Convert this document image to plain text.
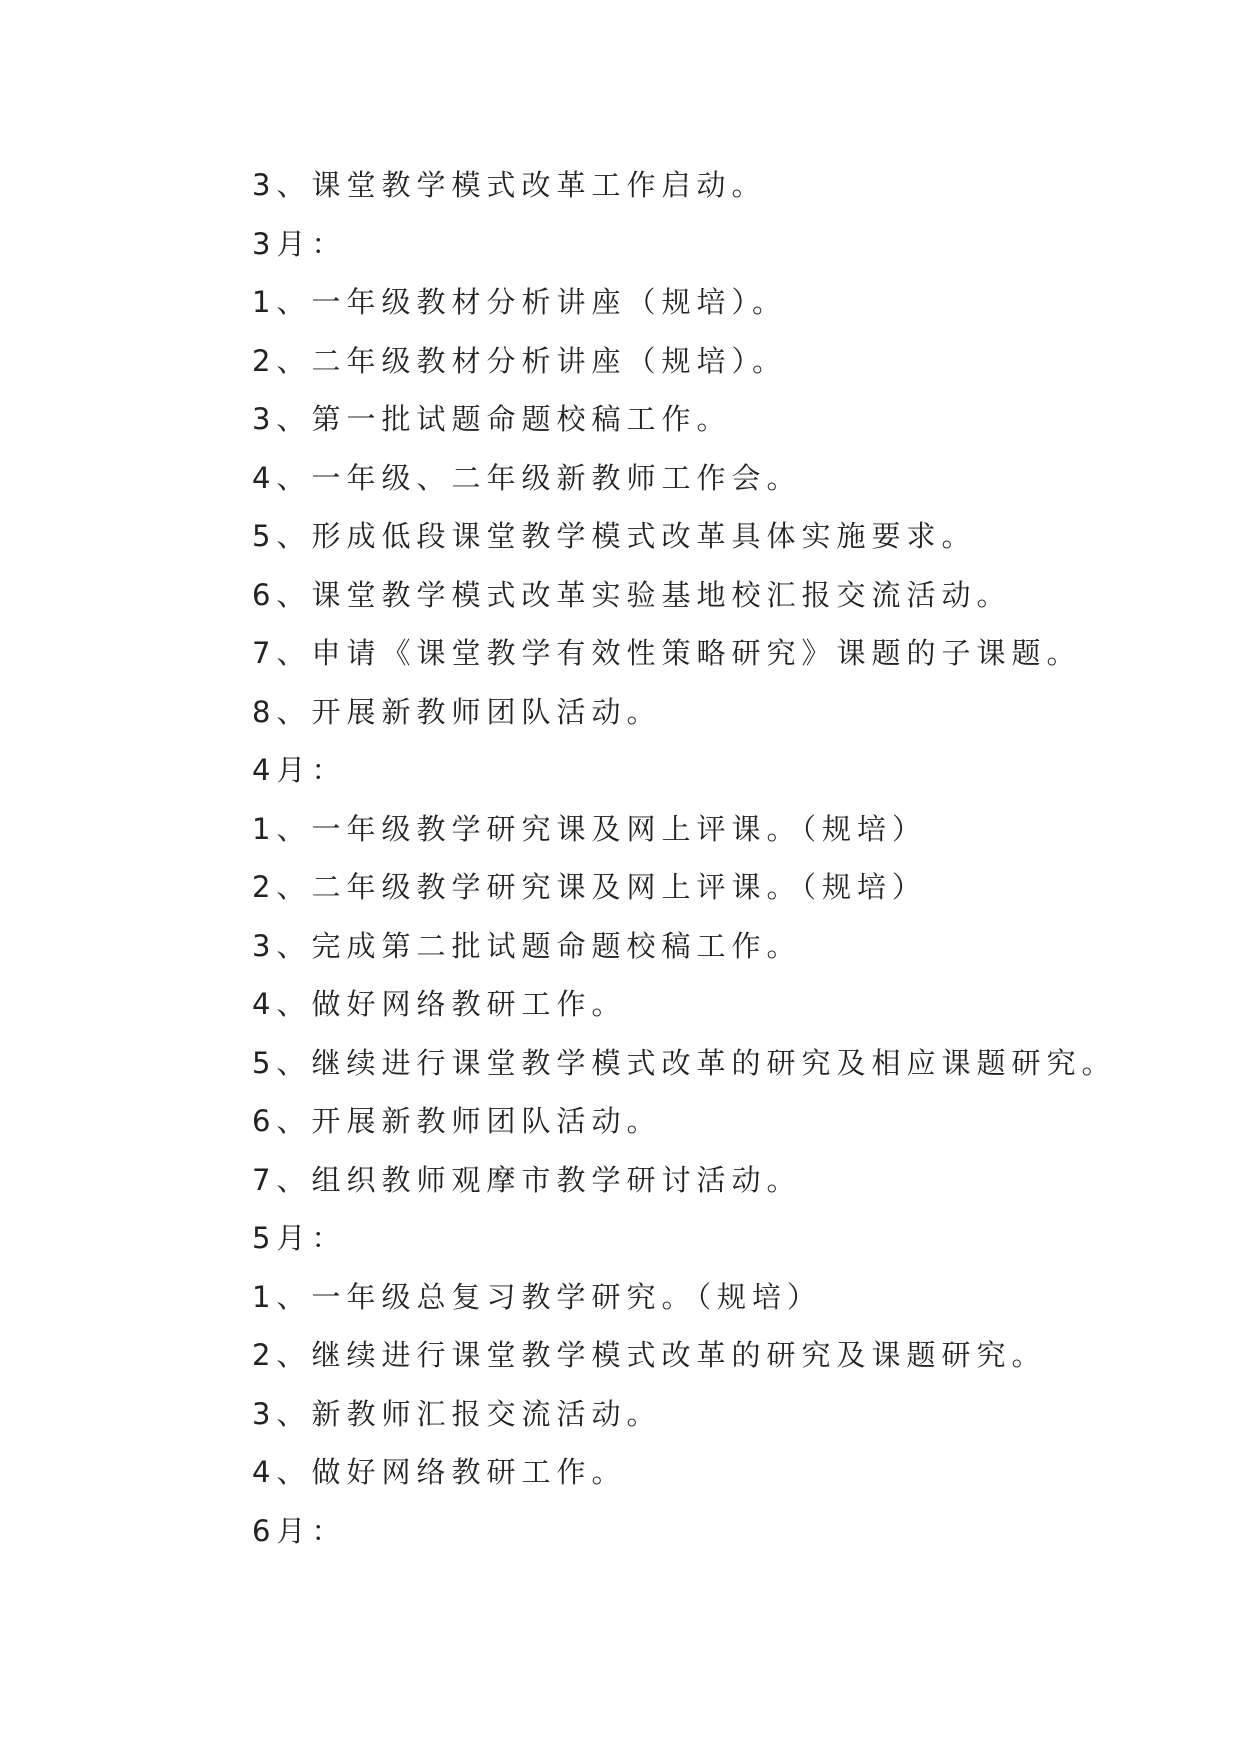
3、课堂教学模式改革工作启动。
3月：
1、一年级教材分析讲座（规培）。
2、二年级教材分析讲座（规培）。
3、第一批试题命题校稿工作。
4、一年级、二年级新教师工作会。
5、形成低段课堂教学模式改革具体实施要求。
6、课堂教学模式改革实验基地校汇报交流活动。
7、申请《课堂教学有效性策略研究》课题的子课题。
8、开展新教师团队活动。
4月：
1、一年级教学研究课及网上评课。（规培）
2、二年级教学研究课及网上评课。（规培）
3、完成第二批试题命题校稿工作。
4、做好网络教研工作。
5、继续进行课堂教学模式改革的研究及相应课题研究。
6、开展新教师团队活动。
7、组织教师观摩市教学研讨活动。
5月：
1、一年级总复习教学研究。（规培）
2、继续进行课堂教学模式改革的研究及课题研究。
3、新教师汇报交流活动。
4、做好网络教研工作。
6月：
